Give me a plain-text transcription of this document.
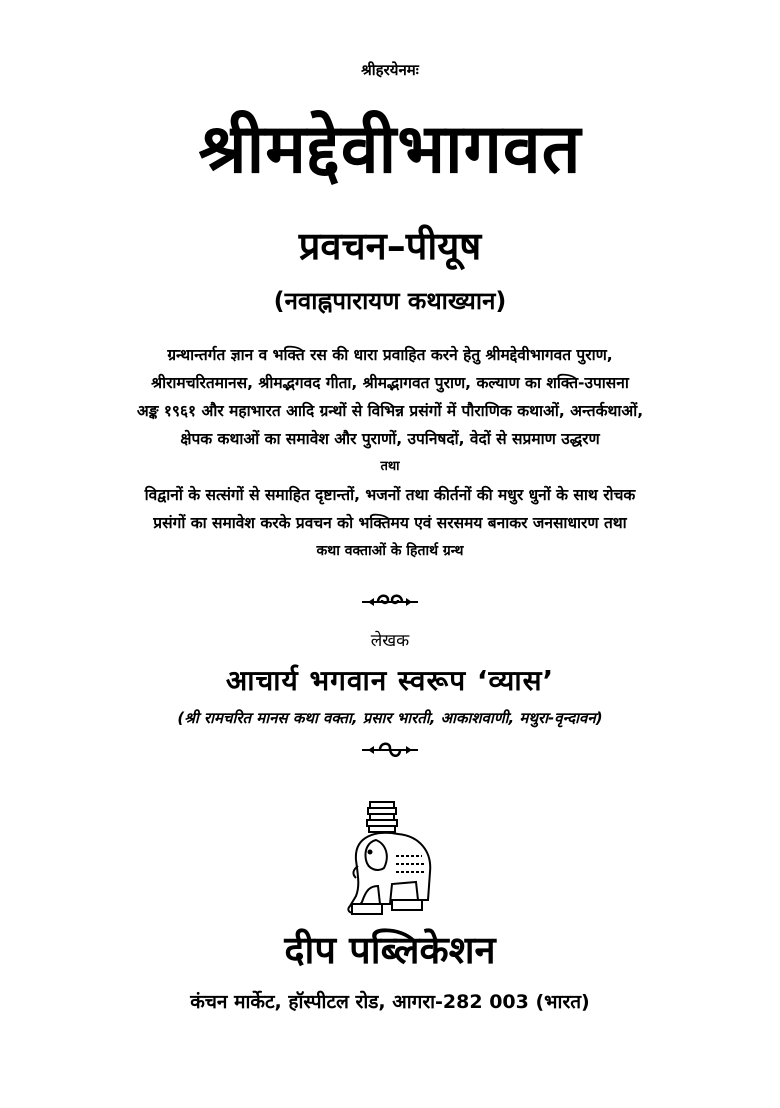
श्रीहरयेनमः
श्रीमद्देवीभागवत
प्रवचन–पीयूष
(नवाह्नपारायण कथाख्यान)
ग्रन्थान्तर्गत ज्ञान व भक्ति रस की धारा प्रवाहित करने हेतु श्रीमद्देवीभागवत पुराण,
श्रीरामचरितमानस, श्रीमद्भगवद गीता, श्रीमद्भागवत पुराण, कल्याण का शक्ति-उपासना
अङ्क १९६१ और महाभारत आदि ग्रन्थों से विभिन्न प्रसंगों में पौराणिक कथाओं, अन्तर्कथाओं,
क्षेपक कथाओं का समावेश और पुराणों, उपनिषदों, वेदों से सप्रमाण उद्धरण
तथा
विद्वानों के सत्संगों से समाहित दृष्टान्तों, भजनों तथा कीर्तनों की मधुर धुनों के साथ रोचक
प्रसंगों का समावेश करके प्रवचन को भक्तिमय एवं सरसमय बनाकर जनसाधारण तथा
कथा वक्ताओं के हितार्थ ग्रन्थ
लेखक
आचार्य भगवान स्वरूप ‘व्यास’
(श्री रामचरित मानस कथा वक्ता, प्रसार भारती, आकाशवाणी, मथुरा-वृन्दावन)
दीप पब्लिकेशन
कंचन मार्केट, हॉस्पीटल रोड, आगरा-282 003 (भारत)
